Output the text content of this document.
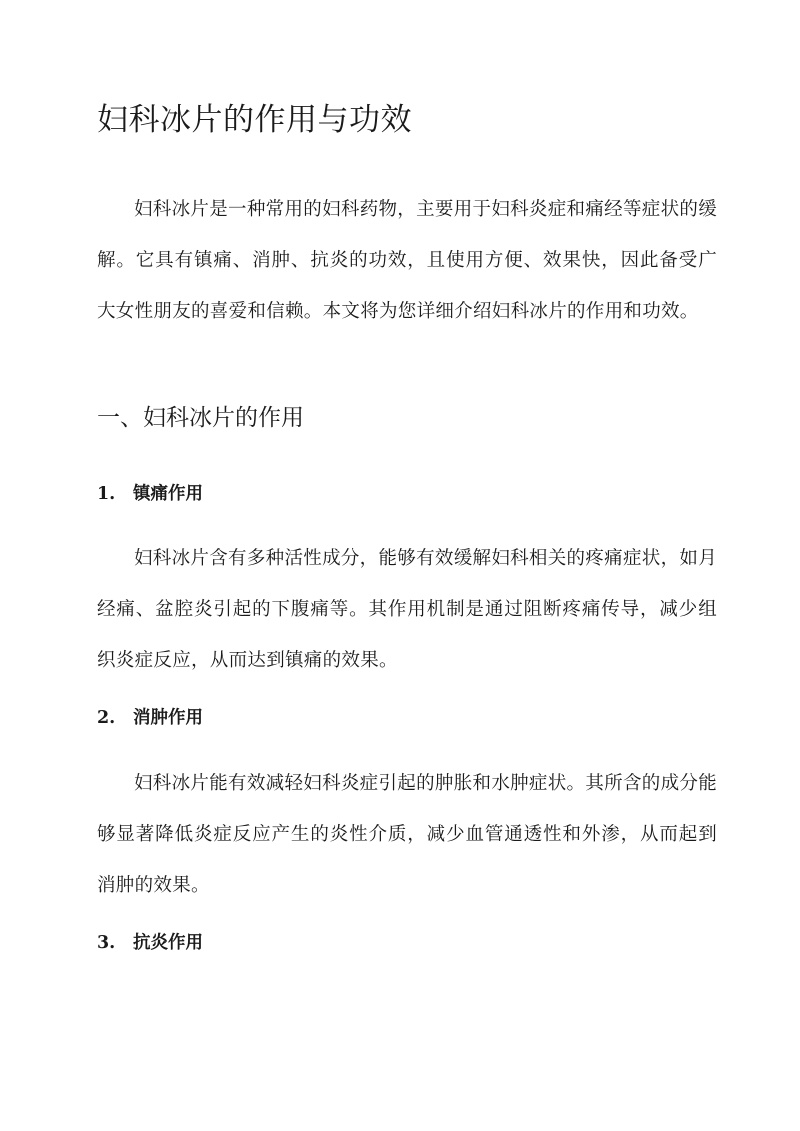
妇科冰片的作用与功效
妇科冰片是一种常用的妇科药物，主要用于妇科炎症和痛经等症状的缓解。它具有镇痛、消肿、抗炎的功效，且使用方便、效果快，因此备受广大女性朋友的喜爱和信赖。本文将为您详细介绍妇科冰片的作用和功效。
一、妇科冰片的作用
1. 镇痛作用
妇科冰片含有多种活性成分，能够有效缓解妇科相关的疼痛症状，如月经痛、盆腔炎引起的下腹痛等。其作用机制是通过阻断疼痛传导，减少组织炎症反应，从而达到镇痛的效果。
2. 消肿作用
妇科冰片能有效减轻妇科炎症引起的肿胀和水肿症状。其所含的成分能够显著降低炎症反应产生的炎性介质，减少血管通透性和外渗，从而起到消肿的效果。
3. 抗炎作用
